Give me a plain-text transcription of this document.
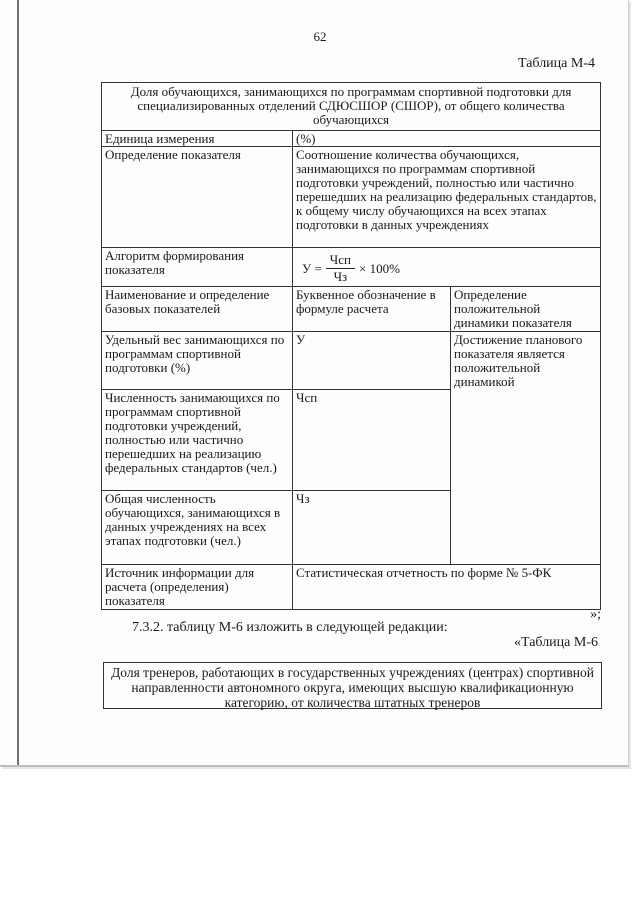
62
Таблица М-4
Доля обучающихся, занимающихся по программам спортивной подготовки для специализированных отделений СДЮСШОР (СШОР), от общего количества обучающихся		
Единица измерения	(%)	
Определение показателя	Соотношение количества обучающихся, занимающихся по программам спортивной подготовки учреждений, полностью или частично перешедших на реализацию федеральных стандартов, к общему числу обучающихся на всех этапах подготовки в данных учреждениях	
Алгоритм формирования показателя	$У = \frac{\text{Чсп}}{Чз} \times 100\%$	

Наименование и определение базовых показателей	Буквенное обозначение в формуле расчета	Определение положительной динамики показателя
Удельный вес занимающихся по программам спортивной подготовки (%)	У	Достижение планового показателя является положительной динамикой
Численность занимающихся по программам спортивной подготовки учреждений, полностью или частично перешедших на реализацию федеральных стандартов (чел.)	Чсп	
Общая численность обучающихся, занимающихся в данных учреждениях на всех этапах подготовки (чел.)	Чз	
Источник информации для расчета (определения) показателя	Статистическая отчетность по форме № 5-ФК	
»;
7.3.2. таблицу М-6 изложить в следующей редакции:
«Таблица М-6
Доля тренеров, работающих в государственных учреждениях (центрах) спортивной направленности автономного округа, имеющих высшую квалификационную категорию, от количества штатных тренеров
